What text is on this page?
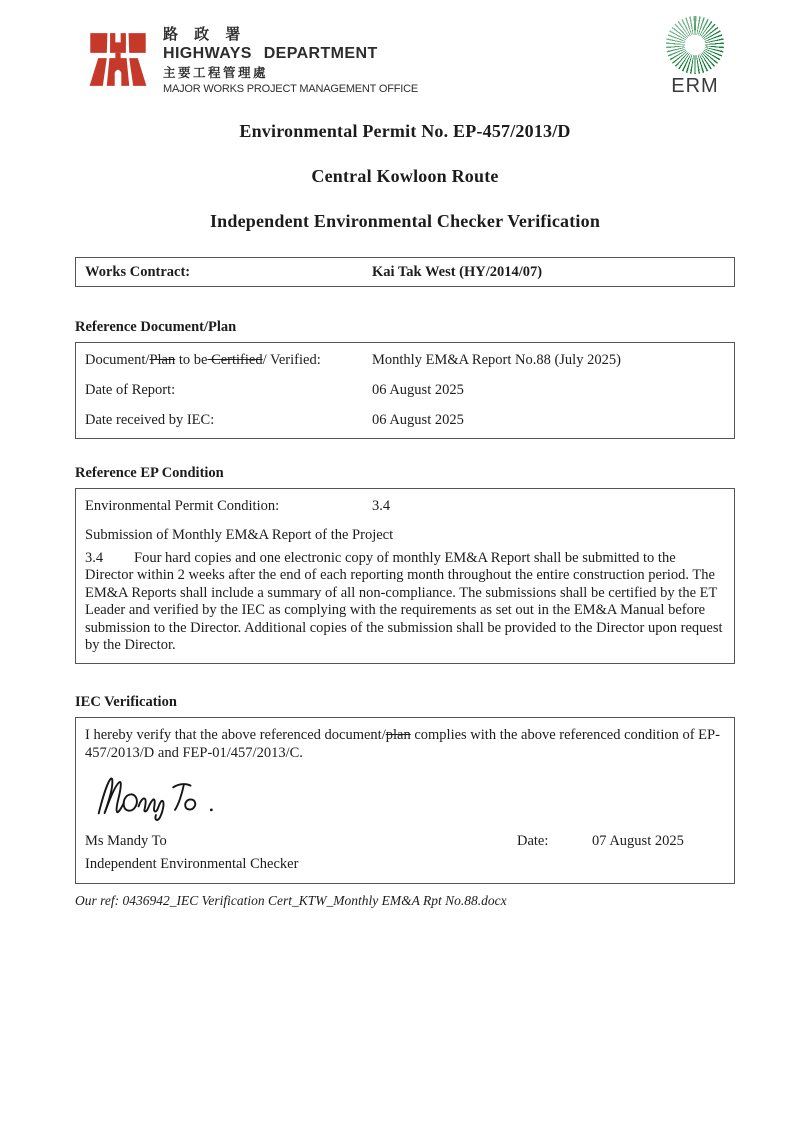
路 政 署
HIGHWAYS DEPARTMENT
主要工程管理處
MAJOR WORKS PROJECT MANAGEMENT OFFICE	ERM
Environmental Permit No. EP-457/2013/D
Central Kowloon Route
Independent Environmental Checker Verification
Works Contract:	Kai Tak West (HY/2014/07)
Reference Document/Plan
Document/Plan to be Certified/ Verified:	Monthly EM&A Report No.88 (July 2025)
Date of Report:	06 August 2025
Date received by IEC:	06 August 2025
Reference EP Condition
Environmental Permit Condition:	3.4
Submission of Monthly EM&A Report of the Project
3.4 Four hard copies and one electronic copy of monthly EM&A Report shall be submitted to the Director within 2 weeks after the end of each reporting month throughout the entire construction period. The EM&A Reports shall include a summary of all non-compliance. The submissions shall be certified by the ET Leader and verified by the IEC as complying with the requirements as set out in the EM&A Manual before submission to the Director. Additional copies of the submission shall be provided to the Director upon request by the Director.
IEC Verification
I hereby verify that the above referenced document/plan complies with the above referenced condition of EP-457/2013/D and FEP-01/457/2013/C.
Ms Mandy To	Date:	07 August 2025
Independent Environmental Checker
Our ref: 0436942_IEC Verification Cert_KTW_Monthly EM&A Rpt No.88.docx
